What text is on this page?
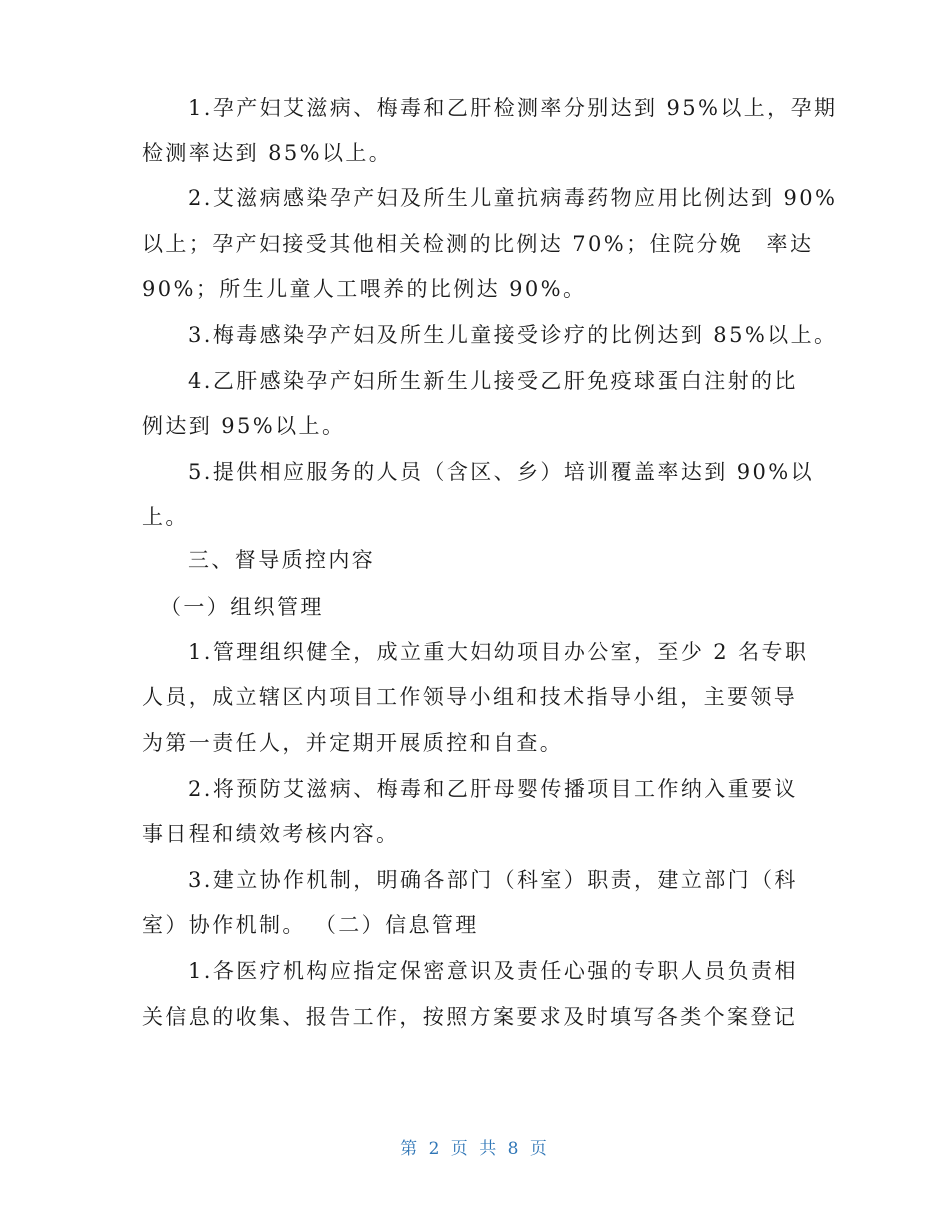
1.孕产妇艾滋病、梅毒和乙肝检测率分别达到 95%以上，孕期
检测率达到 85%以上。
2.艾滋病感染孕产妇及所生儿童抗病毒药物应用比例达到 90%
以上；孕产妇接受其他相关检测的比例达 70%；住院分娩　率达
90%；所生儿童人工喂养的比例达 90%。
3.梅毒感染孕产妇及所生儿童接受诊疗的比例达到 85%以上。
4.乙肝感染孕产妇所生新生儿接受乙肝免疫球蛋白注射的比
例达到 95%以上。
5.提供相应服务的人员（含区、乡）培训覆盖率达到 90%以
上。
三、督导质控内容
（一）组织管理
1.管理组织健全，成立重大妇幼项目办公室，至少 2 名专职
人员，成立辖区内项目工作领导小组和技术指导小组，主要领导
为第一责任人，并定期开展质控和自查。
2.将预防艾滋病、梅毒和乙肝母婴传播项目工作纳入重要议
事日程和绩效考核内容。
3.建立协作机制，明确各部门（科室）职责，建立部门（科
室）协作机制。 （二）信息管理
1.各医疗机构应指定保密意识及责任心强的专职人员负责相
关信息的收集、报告工作，按照方案要求及时填写各类个案登记
第 2 页 共 8 页
